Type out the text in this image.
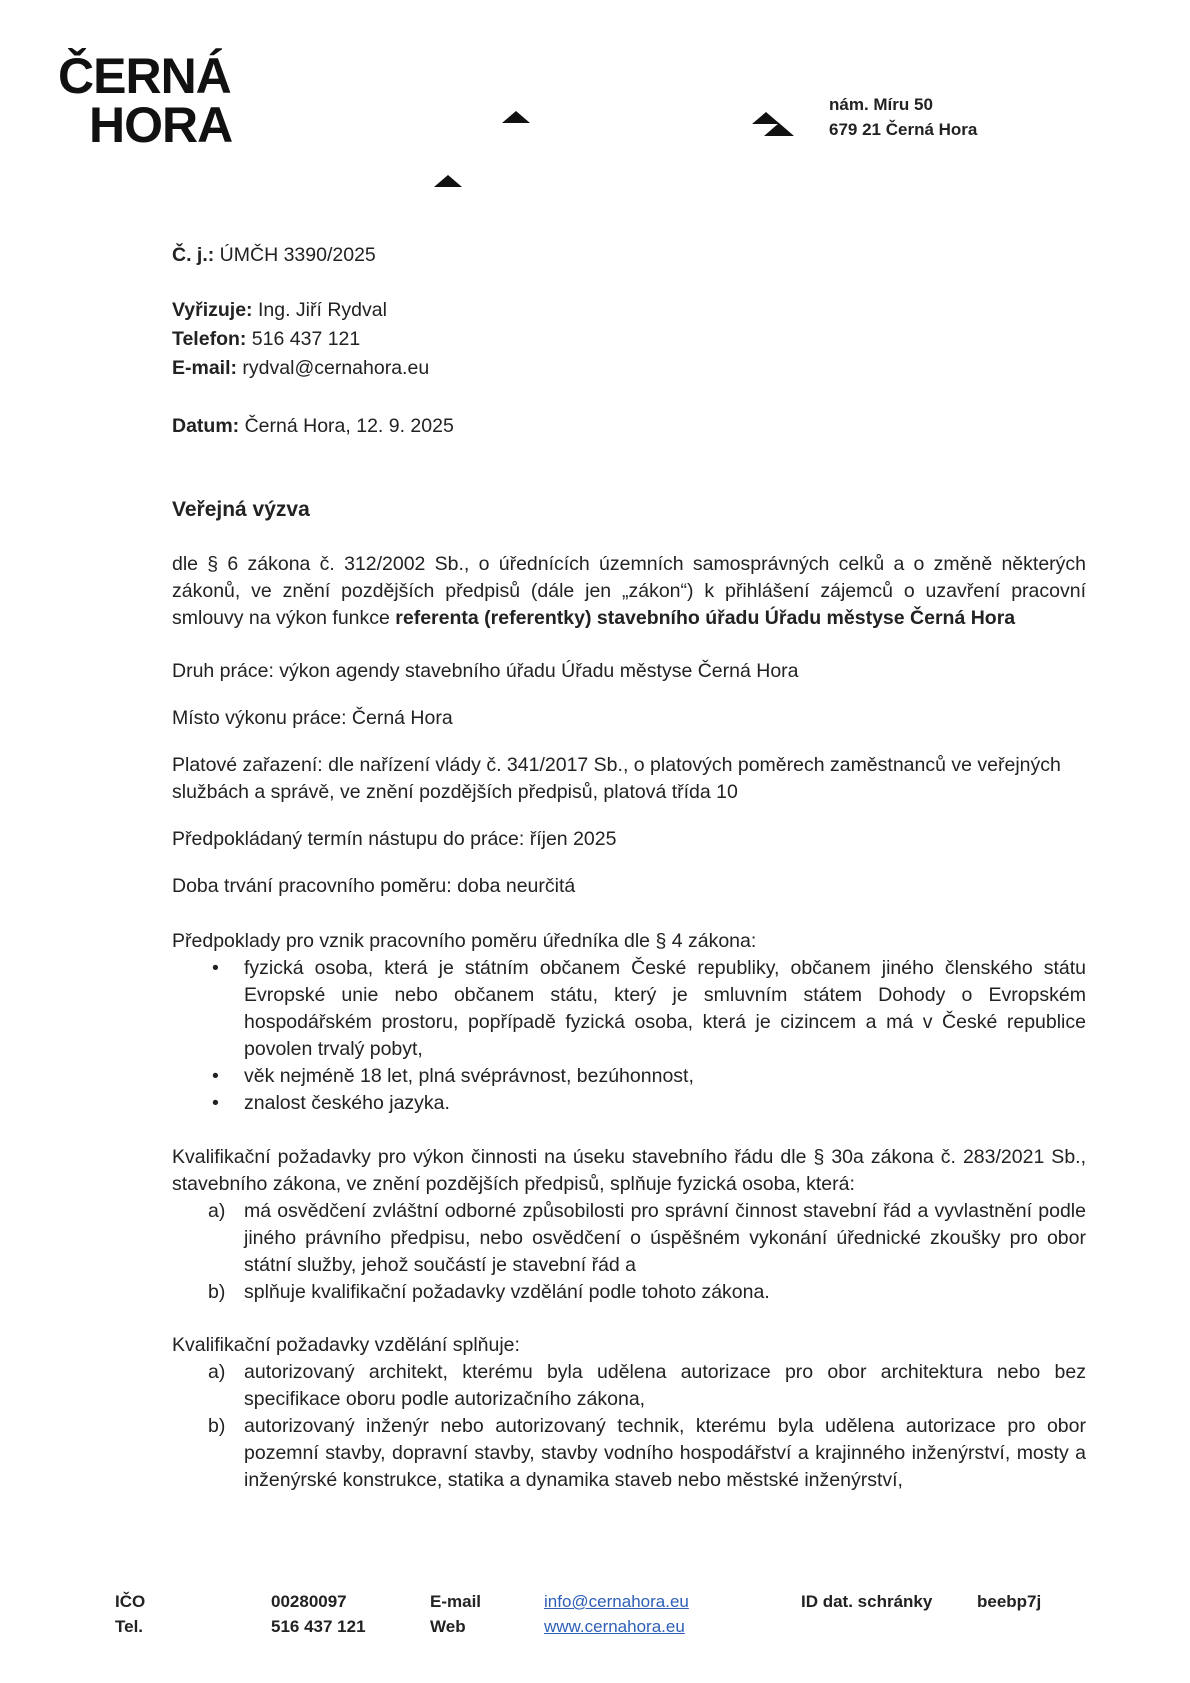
ČERNÁ
HORA	nám. Míru 50
679 21 Černá Hora
Č. j.: ÚMČH 3390/2025
Vyřizuje: Ing. Jiří Rydval
Telefon: 516 437 121
E-mail: rydval@cernahora.eu
Datum: Černá Hora, 12. 9. 2025
Veřejná výzva
dle § 6 zákona č. 312/2002 Sb., o úřednících územních samosprávných celků a o změně některých zákonů, ve znění pozdějších předpisů (dále jen „zákon“) k přihlášení zájemců o uzavření pracovní smlouvy na výkon funkce referenta (referentky) stavebního úřadu Úřadu městyse Černá Hora
Druh práce: výkon agendy stavebního úřadu Úřadu městyse Černá Hora
Místo výkonu práce: Černá Hora
Platové zařazení: dle nařízení vlády č. 341/2017 Sb., o platových poměrech zaměstnanců ve veřejných službách a správě, ve znění pozdějších předpisů, platová třída 10
Předpokládaný termín nástupu do práce: říjen 2025
Doba trvání pracovního poměru: doba neurčitá
Předpoklady pro vznik pracovního poměru úředníka dle § 4 zákona:
• fyzická osoba, která je státním občanem České republiky, občanem jiného členského státu Evropské unie nebo občanem státu, který je smluvním státem Dohody o Evropském hospodářském prostoru, popřípadě fyzická osoba, která je cizincem a má v České republice povolen trvalý pobyt,
• věk nejméně 18 let, plná svéprávnost, bezúhonnost,
• znalost českého jazyka.
Kvalifikační požadavky pro výkon činnosti na úseku stavebního řádu dle § 30a zákona č. 283/2021 Sb., stavebního zákona, ve znění pozdějších předpisů, splňuje fyzická osoba, která:
a) má osvědčení zvláštní odborné způsobilosti pro správní činnost stavební řád a vyvlastnění podle jiného právního předpisu, nebo osvědčení o úspěšném vykonání úřednické zkoušky pro obor státní služby, jehož součástí je stavební řád a
b) splňuje kvalifikační požadavky vzdělání podle tohoto zákona.
Kvalifikační požadavky vzdělání splňuje:
a) autorizovaný architekt, kterému byla udělena autorizace pro obor architektura nebo bez specifikace oboru podle autorizačního zákona,
b) autorizovaný inženýr nebo autorizovaný technik, kterému byla udělena autorizace pro obor pozemní stavby, dopravní stavby, stavby vodního hospodářství a krajinného inženýrství, mosty a inženýrské konstrukce, statika a dynamika staveb nebo městské inženýrství,
IČO
Tel.
00280097
516 437 121
E-mail
Web
info@cernahora.eu
www.cernahora.eu
ID dat. schránky	beebp7j
